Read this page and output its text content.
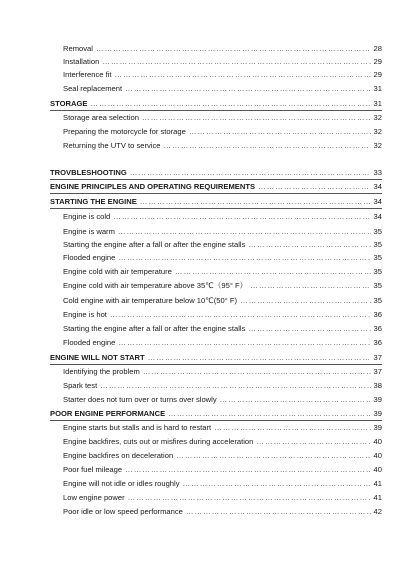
Removal ……………………………………………………………………………………………………………………………………………………………………………	28
Installation ……………………………………………………………………………………………………………………………………………………………………………	29
Interference fit ……………………………………………………………………………………………………………………………………………………………………………	29
Seal replacement ……………………………………………………………………………………………………………………………………………………………………………	31
STORAGE ……………………………………………………………………………………………………………………………………………………………………………	31
Storage area selection ……………………………………………………………………………………………………………………………………………………………………………	32
Preparing the motorcycle for storage ……………………………………………………………………………………………………………………………………………………………………………	32
Returning the UTV to service ……………………………………………………………………………………………………………………………………………………………………………	32
TROVBLESHOOTING ……………………………………………………………………………………………………………………………………………………………………………	33
ENGINE PRINCIPLES AND OPERATING REQUIREMENTS ……………………………………………………………………………………………………………………………………………………………………………	34
STARTING THE ENGINE ……………………………………………………………………………………………………………………………………………………………………………	34
Engine is cold ……………………………………………………………………………………………………………………………………………………………………………	34
Engine is warm ……………………………………………………………………………………………………………………………………………………………………………	35
Starting the engine after a fall or after the engine stalls ……………………………………………………………………………………………………………………………………………………………………………	35
Flooded engine ……………………………………………………………………………………………………………………………………………………………………………	35
Engine cold with air temperature ……………………………………………………………………………………………………………………………………………………………………………	35
Engine cold with air temperature above 35℃（95° F） ……………………………………………………………………………………………………………………………………………………………………………	35
Cold engine with air temperature below 10℃(50° F) ……………………………………………………………………………………………………………………………………………………………………………	35
Engine is hot ……………………………………………………………………………………………………………………………………………………………………………	36
Starting the engine after a fall or after the engine stalls ……………………………………………………………………………………………………………………………………………………………………………	36
Flooded engine ……………………………………………………………………………………………………………………………………………………………………………	36
ENGINE WILL NOT START ……………………………………………………………………………………………………………………………………………………………………………	37
Identifying the problem ……………………………………………………………………………………………………………………………………………………………………………	37
Spark test ……………………………………………………………………………………………………………………………………………………………………………	38
Starter does not turn over or turns over slowly ……………………………………………………………………………………………………………………………………………………………………………	39
POOR ENGINE PERFORMANCE ……………………………………………………………………………………………………………………………………………………………………………	39
Engine starts but stalls and is hard to restart ……………………………………………………………………………………………………………………………………………………………………………	39
Engine backfires, cuts out or misfires during acceleration ……………………………………………………………………………………………………………………………………………………………………………	40
Engine backfires on deceleration ……………………………………………………………………………………………………………………………………………………………………………	40
Poor fuel mileage ……………………………………………………………………………………………………………………………………………………………………………	40
Engine will not idle or idles roughly ……………………………………………………………………………………………………………………………………………………………………………	41
Low engine power ……………………………………………………………………………………………………………………………………………………………………………	41
Poor idle or low speed performance ……………………………………………………………………………………………………………………………………………………………………………	42
